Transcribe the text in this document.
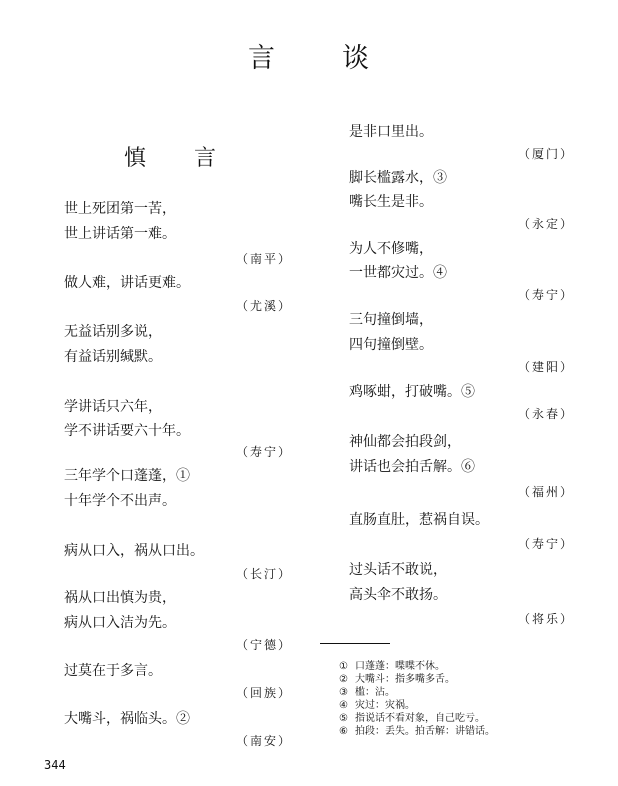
言 谈
慎 言
世上死团第一苦，
世上讲话第一难。
（南平）
做人难，讲话更难。
（尤溪）
无益话别多说，
有益话别缄默。
学讲话只六年，
学不讲话要六十年。
（寿宁）
三年学个口蓬蓬，①
十年学个不出声。
病从口入，祸从口出。
（长汀）
祸从口出慎为贵，
病从口入洁为先。
（宁德）
过莫在于多言。
（回族）
大嘴斗，祸临头。②
（南安）
是非口里出。
（厦门）
脚长槛露水，③
嘴长生是非。
（永定）
为人不修嘴，
一世都灾过。④
（寿宁）
三句撞倒墙，
四句撞倒壁。
（建阳）
鸡啄蚶，打破嘴。⑤
（永春）
神仙都会拍段剑，
讲话也会拍舌解。⑥
（福州）
直肠直肚，惹祸自误。
（寿宁）
过头话不敢说，
高头伞不敢扬。
（将乐）
① 口蓬蓬：喋喋不休。
② 大嘴斗：指多嘴多舌。
③ 槛：沾。
④ 灾过：灾祸。
⑤ 指说话不看对象，自己吃亏。
⑥ 拍段：丢失。拍舌解：讲错话。
344
